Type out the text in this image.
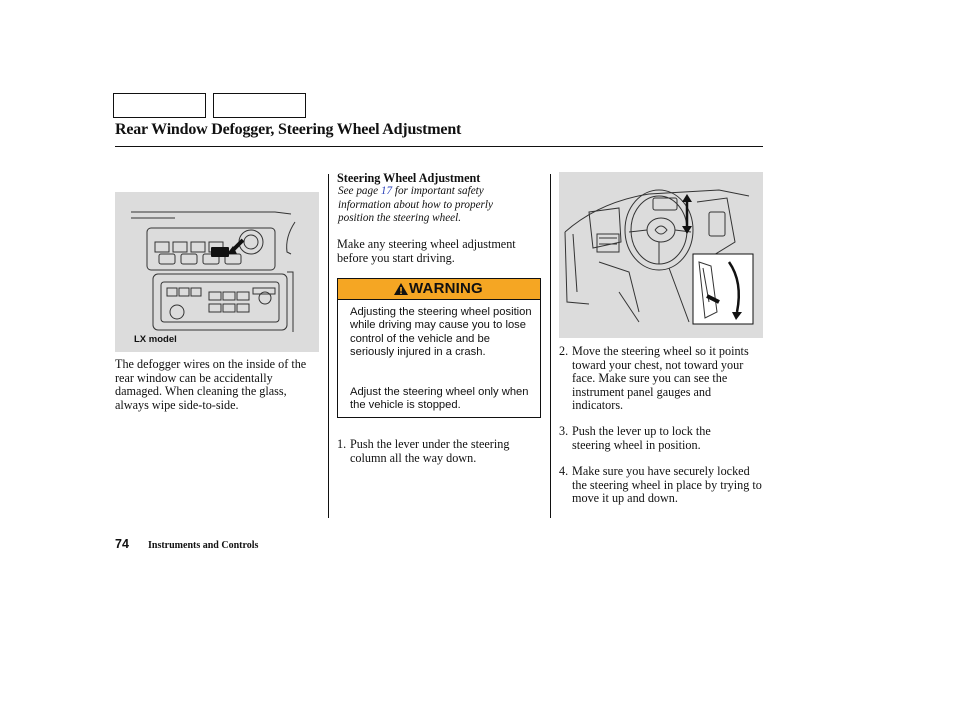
Rear Window Defogger, Steering Wheel Adjustment
LX model
The defogger wires on the inside of the rear window can be accidentally damaged. When cleaning the glass, always wipe side-to-side.
Steering Wheel Adjustment
See page 17 for important safety information about how to properly position the steering wheel.
Make any steering wheel adjustment before you start driving.
WARNING
Adjusting the steering wheel position while driving may cause you to lose control of the vehicle and be seriously injured in a crash.
Adjust the steering wheel only when the vehicle is stopped.
1. Push the lever under the steering column all the way down.
2. Move the steering wheel so it points toward your chest, not toward your face. Make sure you can see the instrument panel gauges and indicators.
3. Push the lever up to lock the steering wheel in position.
4. Make sure you have securely locked the steering wheel in place by trying to move it up and down.
74 Instruments and Controls
